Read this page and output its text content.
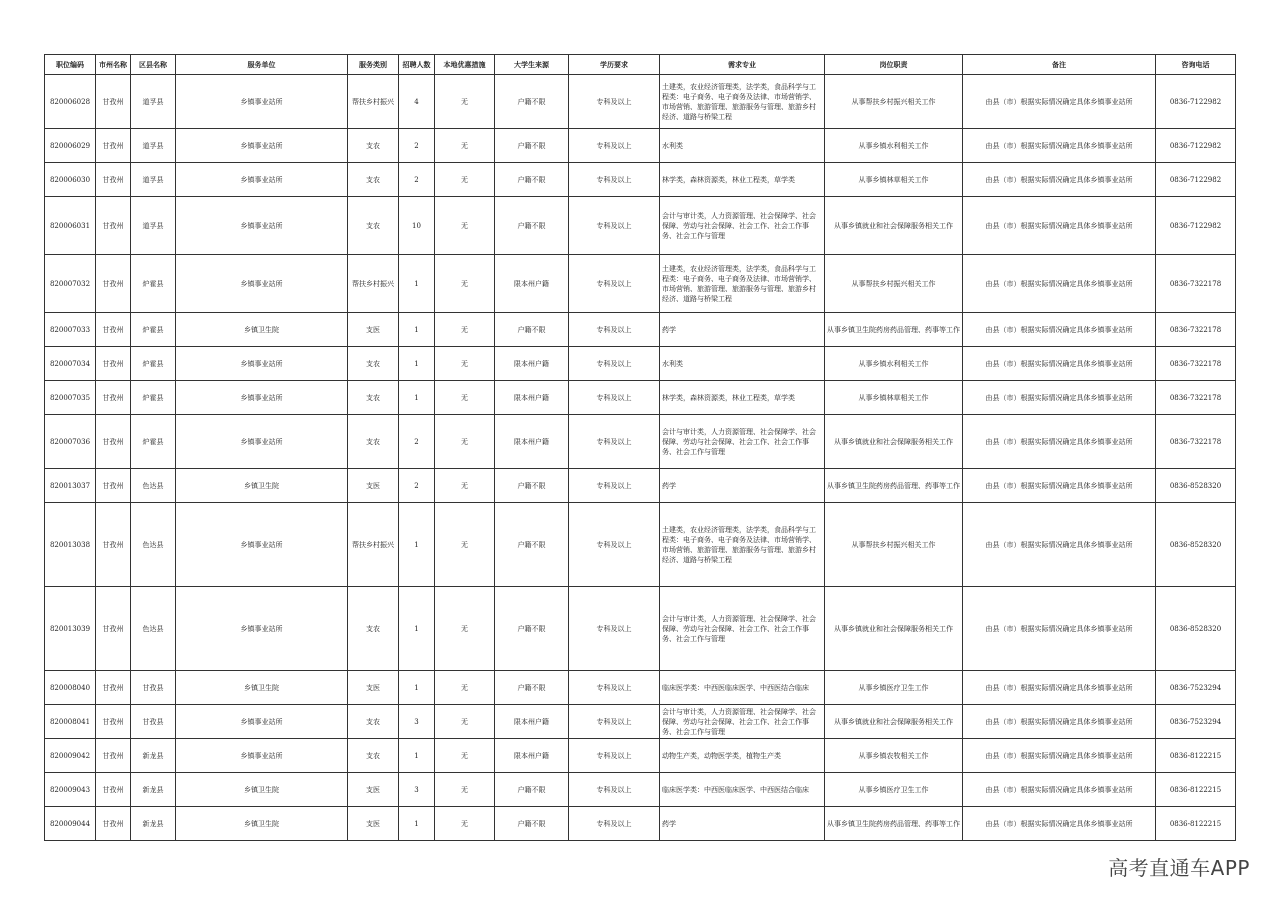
职位编码	市州名称	区县名称	服务单位	服务类别	招聘人数	本地优惠措施	大学生来源	学历要求	需求专业	岗位职责	备注	咨询电话
820006028	甘孜州	道孚县	乡镇事业站所	帮扶乡村振兴	4	无	户籍不限	专科及以上	土建类，农业经济管理类，法学类，食品科学与工程类：电子商务、电子商务及法律、市场营销学、市场营销、旅游管理、旅游服务与管理、旅游乡村经济、道路与桥梁工程	从事帮扶乡村振兴相关工作	由县（市）根据实际情况确定具体乡镇事业站所	0836-7122982
820006029	甘孜州	道孚县	乡镇事业站所	支农	2	无	户籍不限	专科及以上	水利类	从事乡镇水利相关工作	由县（市）根据实际情况确定具体乡镇事业站所	0836-7122982
820006030	甘孜州	道孚县	乡镇事业站所	支农	2	无	户籍不限	专科及以上	林学类，森林资源类，林业工程类，草学类	从事乡镇林草相关工作	由县（市）根据实际情况确定具体乡镇事业站所	0836-7122982
820006031	甘孜州	道孚县	乡镇事业站所	支农	10	无	户籍不限	专科及以上	会计与审计类，人力资源管理、社会保障学、社会保障、劳动与社会保障、社会工作、社会工作事务、社会工作与管理	从事乡镇就业和社会保障服务相关工作	由县（市）根据实际情况确定具体乡镇事业站所	0836-7122982
820007032	甘孜州	炉霍县	乡镇事业站所	帮扶乡村振兴	1	无	限本州户籍	专科及以上	土建类，农业经济管理类，法学类，食品科学与工程类：电子商务、电子商务及法律、市场营销学、市场营销、旅游管理、旅游服务与管理、旅游乡村经济、道路与桥梁工程	从事帮扶乡村振兴相关工作	由县（市）根据实际情况确定具体乡镇事业站所	0836-7322178
820007033	甘孜州	炉霍县	乡镇卫生院	支医	1	无	户籍不限	专科及以上	药学	从事乡镇卫生院药房药品管理、药事等工作	由县（市）根据实际情况确定具体乡镇事业站所	0836-7322178
820007034	甘孜州	炉霍县	乡镇事业站所	支农	1	无	限本州户籍	专科及以上	水利类	从事乡镇水利相关工作	由县（市）根据实际情况确定具体乡镇事业站所	0836-7322178
820007035	甘孜州	炉霍县	乡镇事业站所	支农	1	无	限本州户籍	专科及以上	林学类，森林资源类，林业工程类，草学类	从事乡镇林草相关工作	由县（市）根据实际情况确定具体乡镇事业站所	0836-7322178
820007036	甘孜州	炉霍县	乡镇事业站所	支农	2	无	限本州户籍	专科及以上	会计与审计类，人力资源管理、社会保障学、社会保障、劳动与社会保障、社会工作、社会工作事务、社会工作与管理	从事乡镇就业和社会保障服务相关工作	由县（市）根据实际情况确定具体乡镇事业站所	0836-7322178
820013037	甘孜州	色达县	乡镇卫生院	支医	2	无	户籍不限	专科及以上	药学	从事乡镇卫生院药房药品管理、药事等工作	由县（市）根据实际情况确定具体乡镇事业站所	0836-8528320
820013038	甘孜州	色达县	乡镇事业站所	帮扶乡村振兴	1	无	户籍不限	专科及以上	土建类，农业经济管理类，法学类，食品科学与工程类：电子商务、电子商务及法律、市场营销学、市场营销、旅游管理、旅游服务与管理、旅游乡村经济、道路与桥梁工程	从事帮扶乡村振兴相关工作	由县（市）根据实际情况确定具体乡镇事业站所	0836-8528320
820013039	甘孜州	色达县	乡镇事业站所	支农	1	无	户籍不限	专科及以上	会计与审计类，人力资源管理、社会保障学、社会保障、劳动与社会保障、社会工作、社会工作事务、社会工作与管理	从事乡镇就业和社会保障服务相关工作	由县（市）根据实际情况确定具体乡镇事业站所	0836-8528320
820008040	甘孜州	甘孜县	乡镇卫生院	支医	1	无	户籍不限	专科及以上	临床医学类：中西医临床医学、中西医结合临床	从事乡镇医疗卫生工作	由县（市）根据实际情况确定具体乡镇事业站所	0836-7523294
820008041	甘孜州	甘孜县	乡镇事业站所	支农	3	无	限本州户籍	专科及以上	会计与审计类，人力资源管理、社会保障学、社会保障、劳动与社会保障、社会工作、社会工作事务、社会工作与管理	从事乡镇就业和社会保障服务相关工作	由县（市）根据实际情况确定具体乡镇事业站所	0836-7523294
820009042	甘孜州	新龙县	乡镇事业站所	支农	1	无	限本州户籍	专科及以上	动物生产类，动物医学类，植物生产类	从事乡镇农牧相关工作	由县（市）根据实际情况确定具体乡镇事业站所	0836-8122215
820009043	甘孜州	新龙县	乡镇卫生院	支医	3	无	户籍不限	专科及以上	临床医学类：中西医临床医学、中西医结合临床	从事乡镇医疗卫生工作	由县（市）根据实际情况确定具体乡镇事业站所	0836-8122215
820009044	甘孜州	新龙县	乡镇卫生院	支医	1	无	户籍不限	专科及以上	药学	从事乡镇卫生院药房药品管理、药事等工作	由县（市）根据实际情况确定具体乡镇事业站所	0836-8122215
高考直通车APP
